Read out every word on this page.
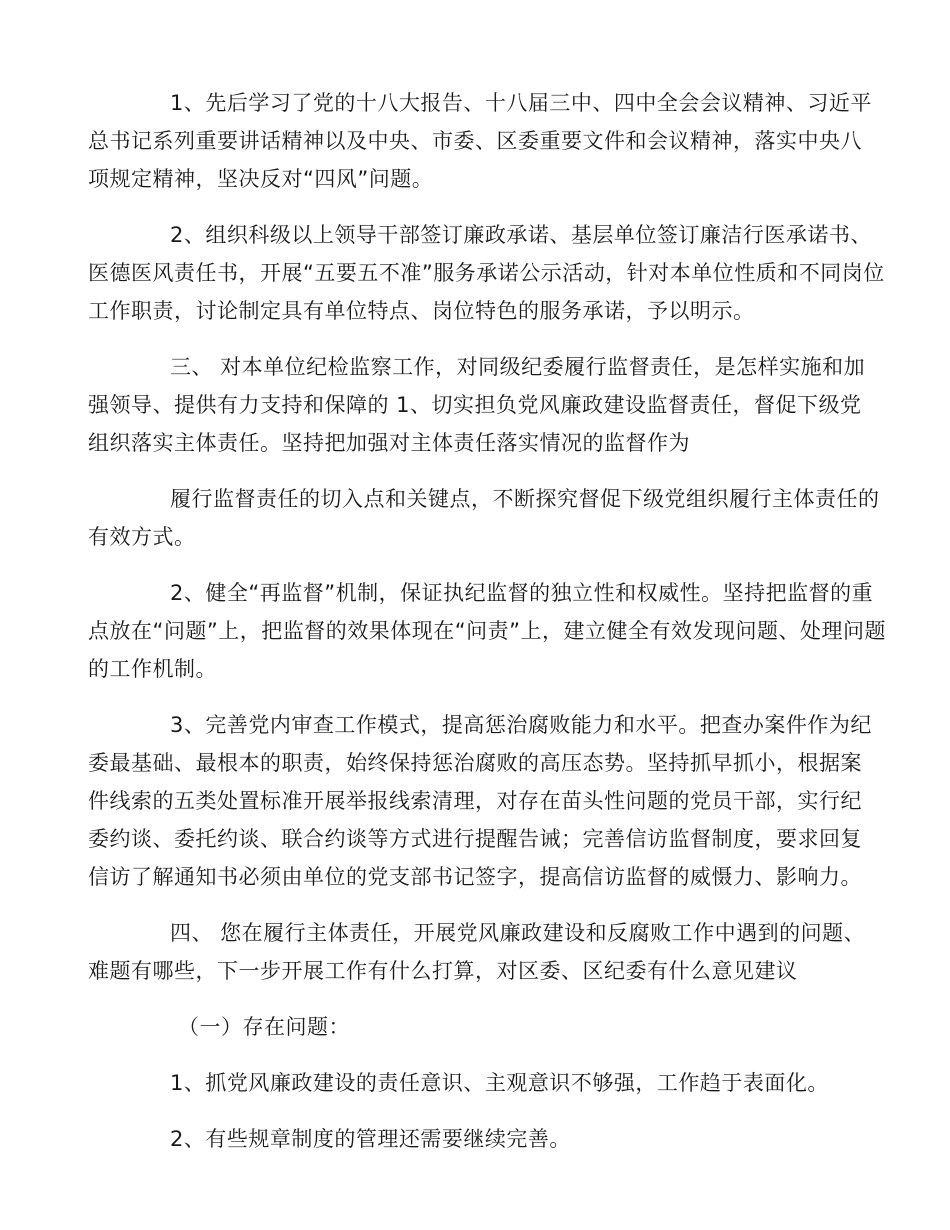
1、先后学习了党的十八大报告、十八届三中、四中全会会议精神、习近平
总书记系列重要讲话精神以及中央、市委、区委重要文件和会议精神，落实中央八
项规定精神，坚决反对“四风”问题。
2、组织科级以上领导干部签订廉政承诺、基层单位签订廉洁行医承诺书、
医德医风责任书，开展“五要五不准”服务承诺公示活动，针对本单位性质和不同岗位
工作职责，讨论制定具有单位特点、岗位特色的服务承诺，予以明示。
三、 对本单位纪检监察工作，对同级纪委履行监督责任，是怎样实施和加
强领导、提供有力支持和保障的 1、切实担负党风廉政建设监督责任，督促下级党
组织落实主体责任。坚持把加强对主体责任落实情况的监督作为
履行监督责任的切入点和关键点，不断探究督促下级党组织履行主体责任的
有效方式。
2、健全“再监督”机制，保证执纪监督的独立性和权威性。坚持把监督的重
点放在“问题”上，把监督的效果体现在“问责”上，建立健全有效发现问题、处理问题
的工作机制。
3、完善党内审查工作模式，提高惩治腐败能力和水平。把查办案件作为纪
委最基础、最根本的职责，始终保持惩治腐败的高压态势。坚持抓早抓小，根据案
件线索的五类处置标准开展举报线索清理，对存在苗头性问题的党员干部，实行纪
委约谈、委托约谈、联合约谈等方式进行提醒告诫；完善信访监督制度，要求回复
信访了解通知书必须由单位的党支部书记签字，提高信访监督的威慑力、影响力。
四、 您在履行主体责任，开展党风廉政建设和反腐败工作中遇到的问题、
难题有哪些，下一步开展工作有什么打算，对区委、区纪委有什么意见建议
（一）存在问题：
1、抓党风廉政建设的责任意识、主观意识不够强，工作趋于表面化。
2、有些规章制度的管理还需要继续完善。
